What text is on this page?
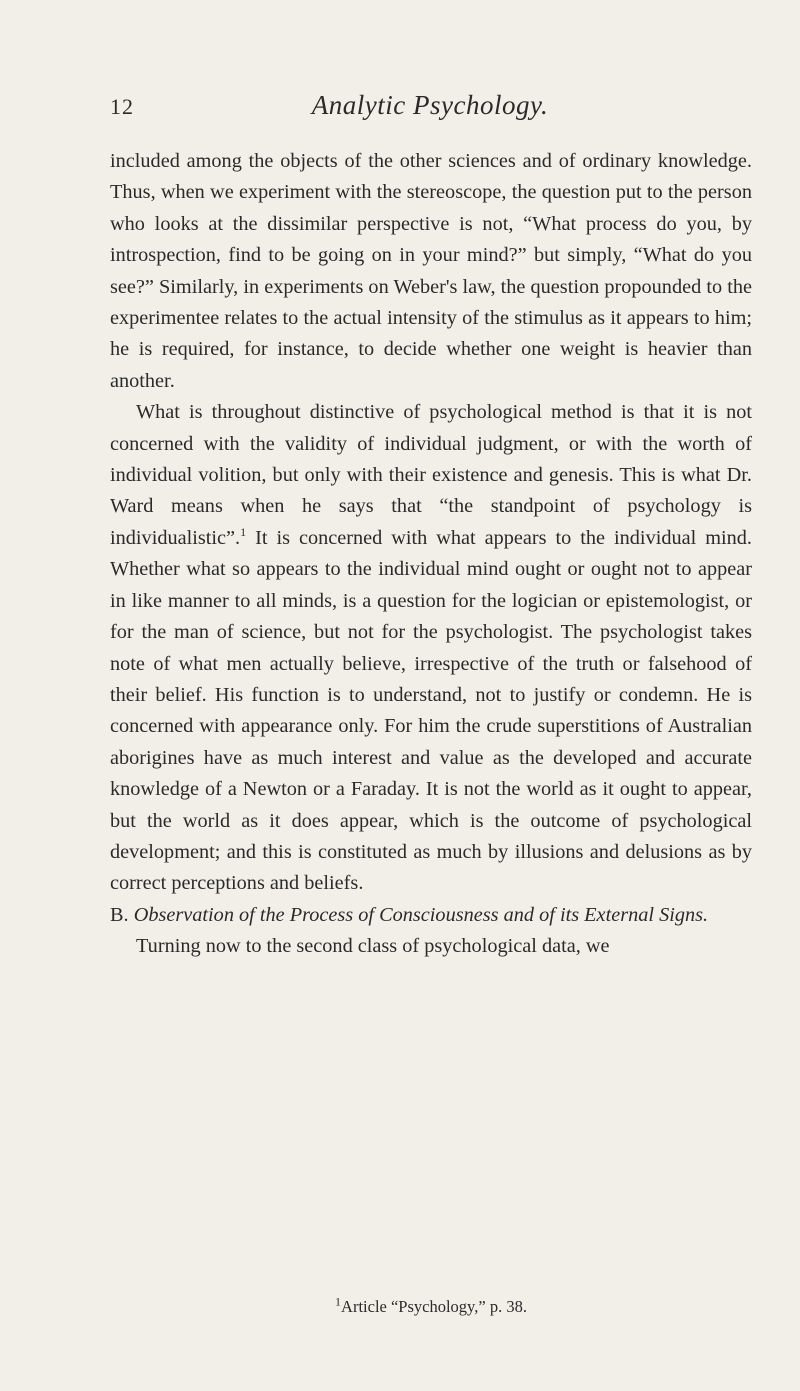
12	Analytic Psychology.

included among the objects of the other sciences and of ordinary knowledge. Thus, when we experiment with the stereoscope, the question put to the person who looks at the dissimilar perspective is not, “What process do you, by introspection, find to be going on in your mind?” but simply, “What do you see?” Similarly, in experiments on Weber's law, the question propounded to the experimentee relates to the actual intensity of the stimulus as it appears to him; he is required, for instance, to decide whether one weight is heavier than another.

What is throughout distinctive of psychological method is that it is not concerned with the validity of individual judgment, or with the worth of individual volition, but only with their existence and genesis. This is what Dr. Ward means when he says that “the standpoint of psychology is individualistic”.$^1$ It is concerned with what appears to the individual mind. Whether what so appears to the individual mind ought or ought not to appear in like manner to all minds, is a question for the logician or epistemologist, or for the man of science, but not for the psychologist. The psychologist takes note of what men actually believe, irrespective of the truth or falsehood of their belief. His function is to understand, not to justify or condemn. He is concerned with appearance only. For him the crude superstitions of Australian aborigines have as much interest and value as the developed and accurate knowledge of a Newton or a Faraday. It is not the world as it ought to appear, but the world as it does appear, which is the outcome of psychological development; and this is constituted as much by illusions and delusions as by correct perceptions and beliefs.

B. Observation of the Process of Consciousness and of its External Signs.

Turning now to the second class of psychological data, we

$^1$Article “Psychology,” p. 38.
